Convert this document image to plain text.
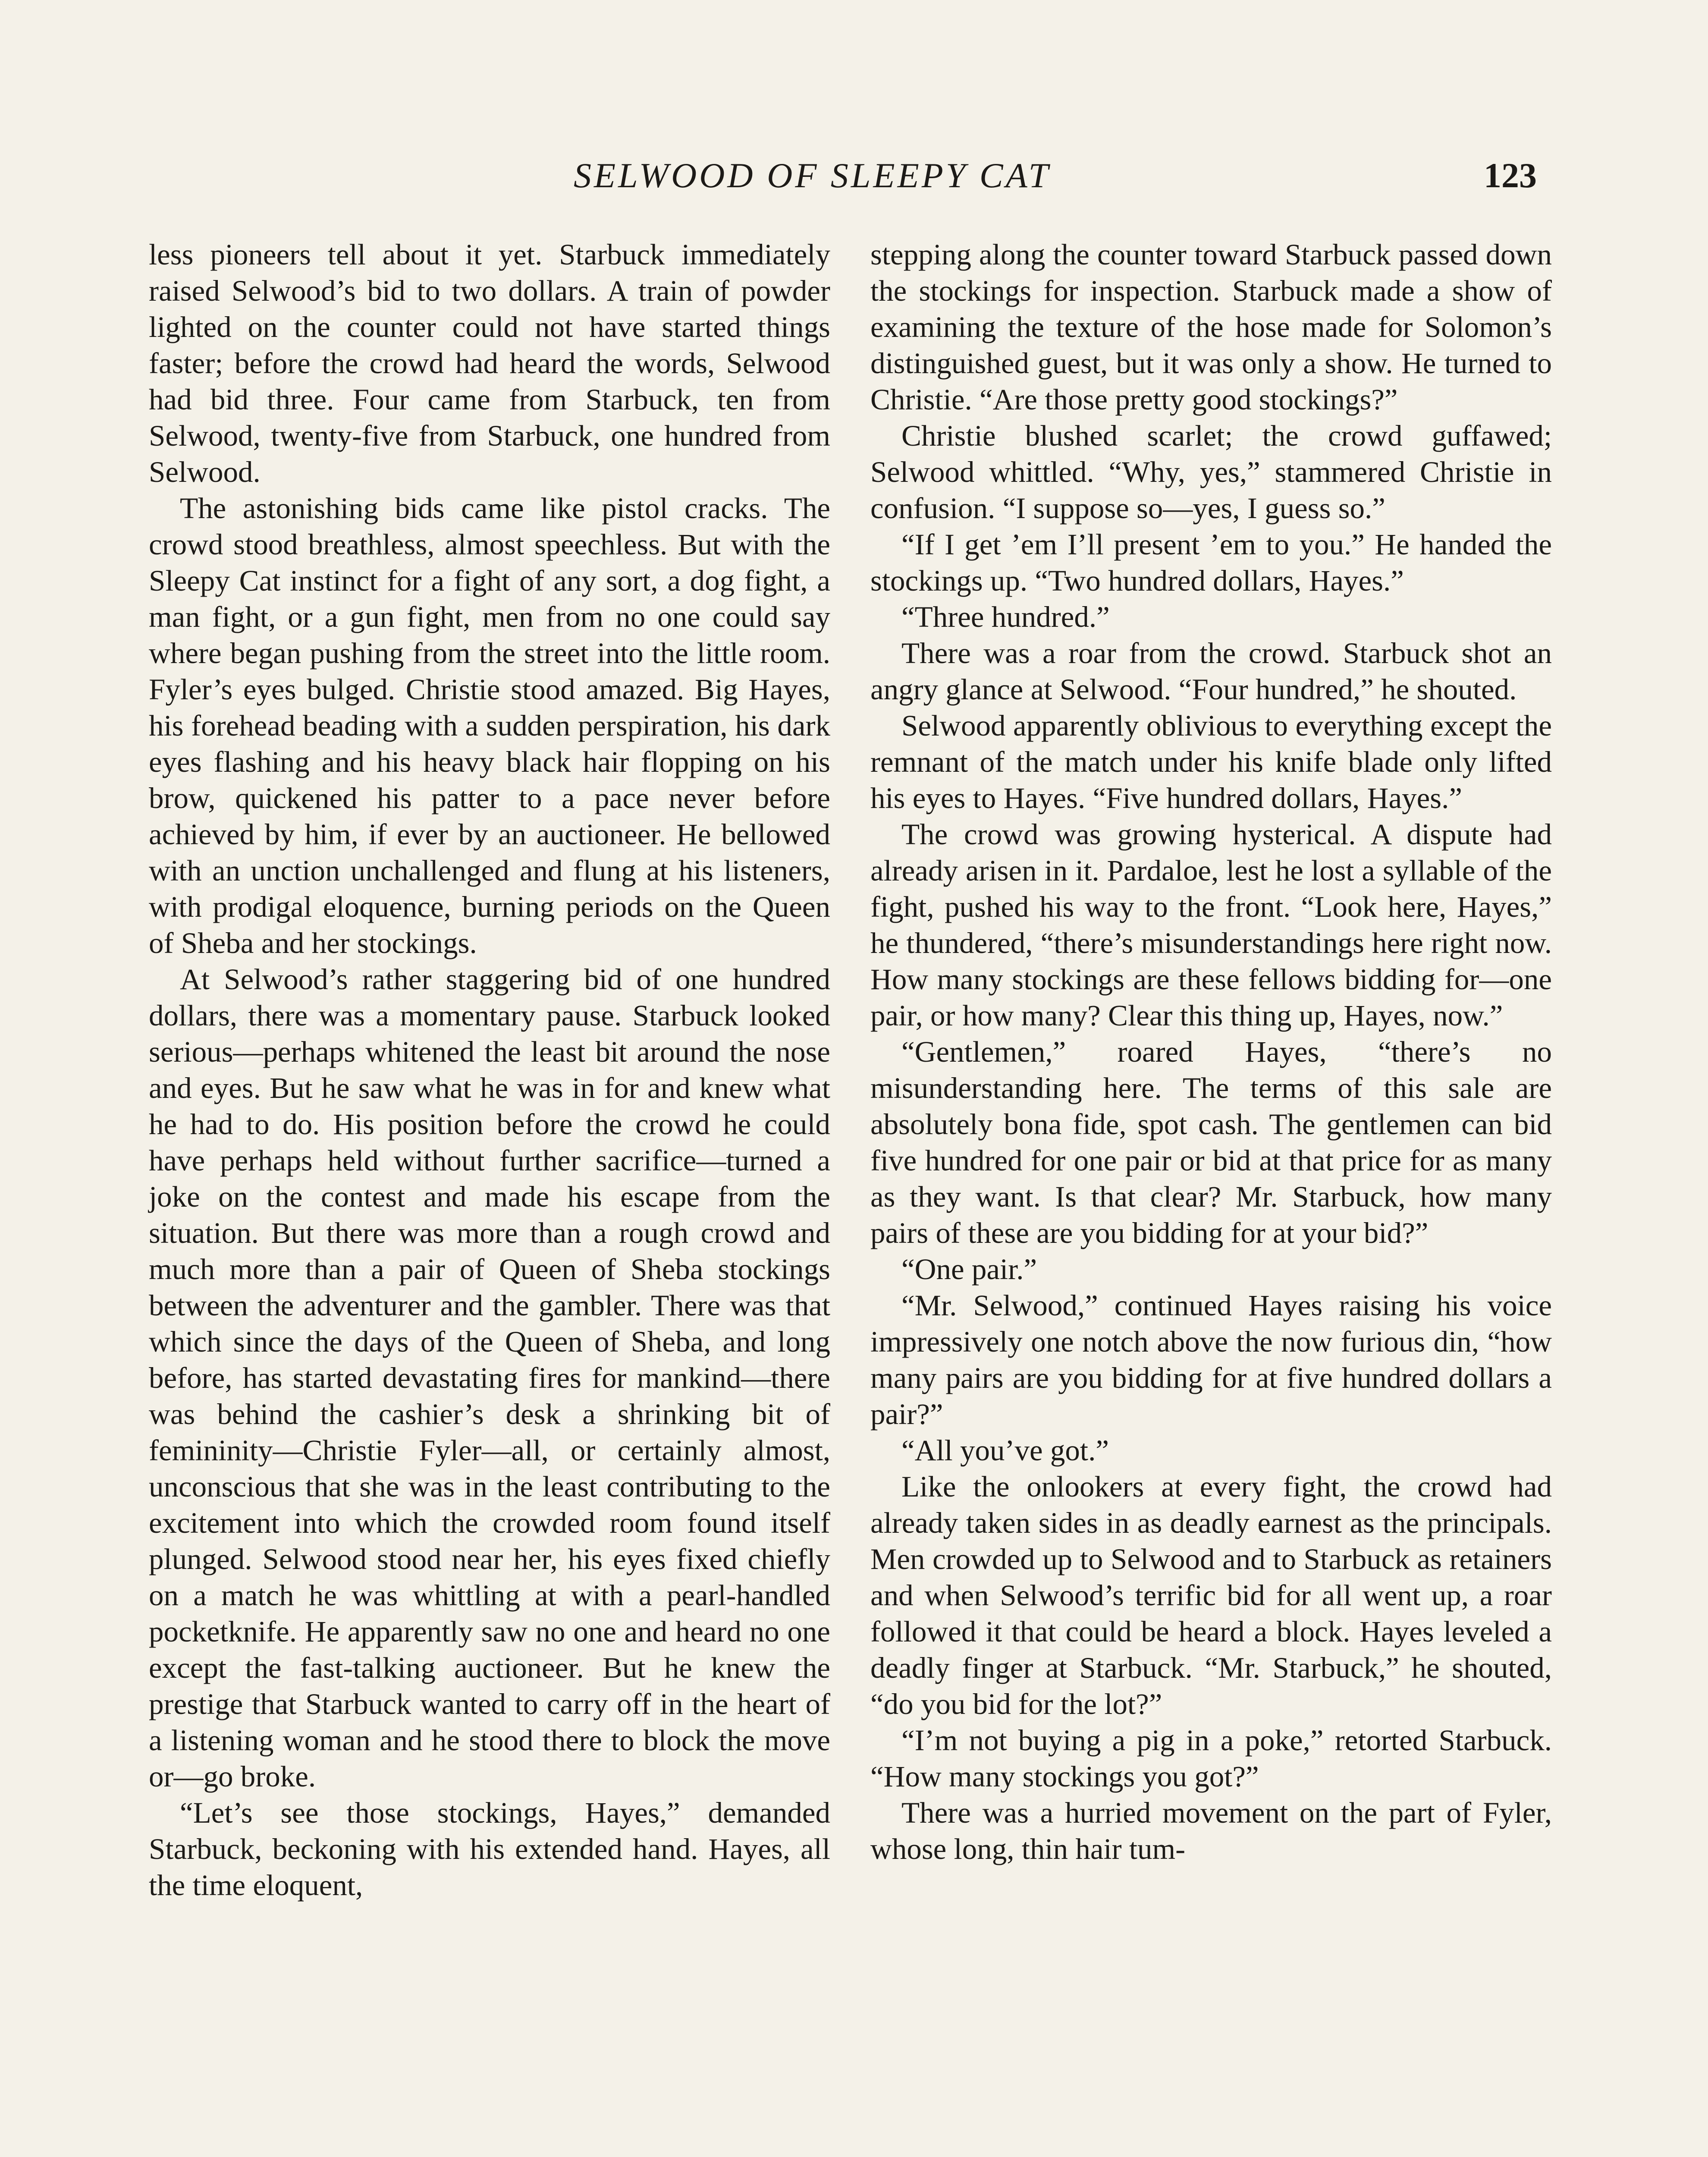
SELWOOD OF SLEEPY CAT	123

less pioneers tell about it yet. Starbuck immediately raised Selwood’s bid to two dollars. A train of powder lighted on the counter could not have started things faster; before the crowd had heard the words, Selwood had bid three. Four came from Starbuck, ten from Selwood, twenty-five from Starbuck, one hundred from Selwood.

The astonishing bids came like pistol cracks. The crowd stood breathless, almost speechless. But with the Sleepy Cat instinct for a fight of any sort, a dog fight, a man fight, or a gun fight, men from no one could say where began pushing from the street into the little room. Fyler’s eyes bulged. Christie stood amazed. Big Hayes, his forehead beading with a sudden perspiration, his dark eyes flashing and his heavy black hair flopping on his brow, quickened his patter to a pace never before achieved by him, if ever by an auctioneer. He bellowed with an unction unchallenged and flung at his listeners, with prodigal eloquence, burning periods on the Queen of Sheba and her stockings.

At Selwood’s rather staggering bid of one hundred dollars, there was a momentary pause. Starbuck looked serious—perhaps whitened the least bit around the nose and eyes. But he saw what he was in for and knew what he had to do. His position before the crowd he could have perhaps held without further sacrifice—turned a joke on the contest and made his escape from the situation. But there was more than a rough crowd and much more than a pair of Queen of Sheba stockings between the adventurer and the gambler. There was that which since the days of the Queen of Sheba, and long before, has started devastating fires for mankind—there was behind the cashier’s desk a shrinking bit of femininity—Christie Fyler—all, or certainly almost, unconscious that she was in the least contributing to the excitement into which the crowded room found itself plunged. Selwood stood near her, his eyes fixed chiefly on a match he was whittling at with a pearl-handled pocketknife. He apparently saw no one and heard no one except the fast-talking auctioneer. But he knew the prestige that Starbuck wanted to carry off in the heart of a listening woman and he stood there to block the move or—go broke.

“Let’s see those stockings, Hayes,” demanded Starbuck, beckoning with his extended hand. Hayes, all the time eloquent,

stepping along the counter toward Starbuck passed down the stockings for inspection. Starbuck made a show of examining the texture of the hose made for Solomon’s distinguished guest, but it was only a show. He turned to Christie. “Are those pretty good stockings?”

Christie blushed scarlet; the crowd guffawed; Selwood whittled. “Why, yes,” stammered Christie in confusion. “I suppose so—yes, I guess so.”

“If I get ’em I’ll present ’em to you.” He handed the stockings up. “Two hundred dollars, Hayes.”

“Three hundred.”

There was a roar from the crowd. Starbuck shot an angry glance at Selwood. “Four hundred,” he shouted.

Selwood apparently oblivious to everything except the remnant of the match under his knife blade only lifted his eyes to Hayes. “Five hundred dollars, Hayes.”

The crowd was growing hysterical. A dispute had already arisen in it. Pardaloe, lest he lost a syllable of the fight, pushed his way to the front. “Look here, Hayes,” he thundered, “there’s misunderstandings here right now. How many stockings are these fellows bidding for—one pair, or how many? Clear this thing up, Hayes, now.”

“Gentlemen,” roared Hayes, “there’s no misunderstanding here. The terms of this sale are absolutely bona fide, spot cash. The gentlemen can bid five hundred for one pair or bid at that price for as many as they want. Is that clear? Mr. Starbuck, how many pairs of these are you bidding for at your bid?”

“One pair.”

“Mr. Selwood,” continued Hayes raising his voice impressively one notch above the now furious din, “how many pairs are you bidding for at five hundred dollars a pair?”

“All you’ve got.”

Like the onlookers at every fight, the crowd had already taken sides in as deadly earnest as the principals. Men crowded up to Selwood and to Starbuck as retainers and when Selwood’s terrific bid for all went up, a roar followed it that could be heard a block. Hayes leveled a deadly finger at Starbuck. “Mr. Starbuck,” he shouted, “do you bid for the lot?”

“I’m not buying a pig in a poke,” retorted Starbuck. “How many stockings you got?”

There was a hurried movement on the part of Fyler, whose long, thin hair tum-
